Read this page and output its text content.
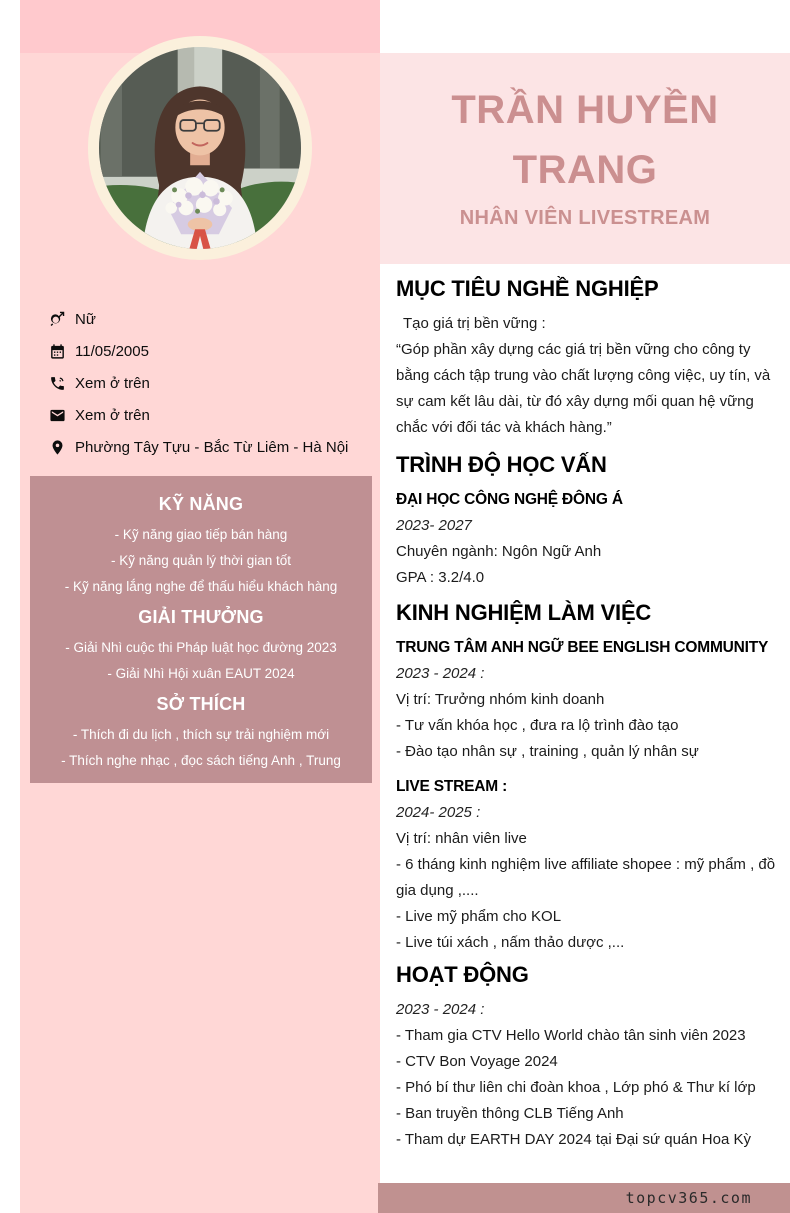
Nữ
11/05/2005
Xem ở trên
Xem ở trên
Phường Tây Tựu - Bắc Từ Liêm - Hà Nội
KỸ NĂNG

- Kỹ năng giao tiếp bán hàng

- Kỹ năng quản lý thời gian tốt

- Kỹ năng lắng nghe để thấu hiểu khách hàng

GIẢI THƯỞNG

- Giải Nhì cuộc thi Pháp luật học đường 2023

- Giải Nhì Hội xuân EAUT 2024

SỞ THÍCH

- Thích đi du lịch , thích sự trải nghiệm mới

- Thích nghe nhạc , đọc sách tiếng Anh , Trung

TRẦN HUYỀN TRANG
NHÂN VIÊN LIVESTREAM
MỤC TIÊU NGHỀ NGHIỆP

Tạo giá trị bền vững :

“Góp phần xây dựng các giá trị bền vững cho công ty bằng cách tập trung vào chất lượng công việc, uy tín, và sự cam kết lâu dài, từ đó xây dựng mối quan hệ vững chắc với đối tác và khách hàng.”

TRÌNH ĐỘ HỌC VẤN

ĐẠI HỌC CÔNG NGHỆ ĐÔNG Á

2023- 2027

Chuyên ngành: Ngôn Ngữ Anh

GPA : 3.2/4.0

KINH NGHIỆM LÀM VIỆC

TRUNG TÂM ANH NGỮ BEE ENGLISH COMMUNITY

2023 - 2024 :

Vị trí: Trưởng nhóm kinh doanh

- Tư vấn khóa học , đưa ra lộ trình đào tạo

- Đào tạo nhân sự , training , quản lý nhân sự

LIVE STREAM :

2024- 2025 :

Vị trí: nhân viên live

- 6 tháng kinh nghiệm live affiliate shopee : mỹ phẩm , đồ gia dụng ,....

- Live mỹ phẩm cho KOL

- Live túi xách , nấm thảo dược ,...

HOẠT ĐỘNG

2023 - 2024 :

- Tham gia CTV Hello World chào tân sinh viên 2023

- CTV Bon Voyage 2024

- Phó bí thư liên chi đoàn khoa , Lớp phó & Thư kí lớp

- Ban truyền thông CLB Tiếng Anh

- Tham dự EARTH DAY 2024 tại Đại sứ quán Hoa Kỳ

topcv365.com
